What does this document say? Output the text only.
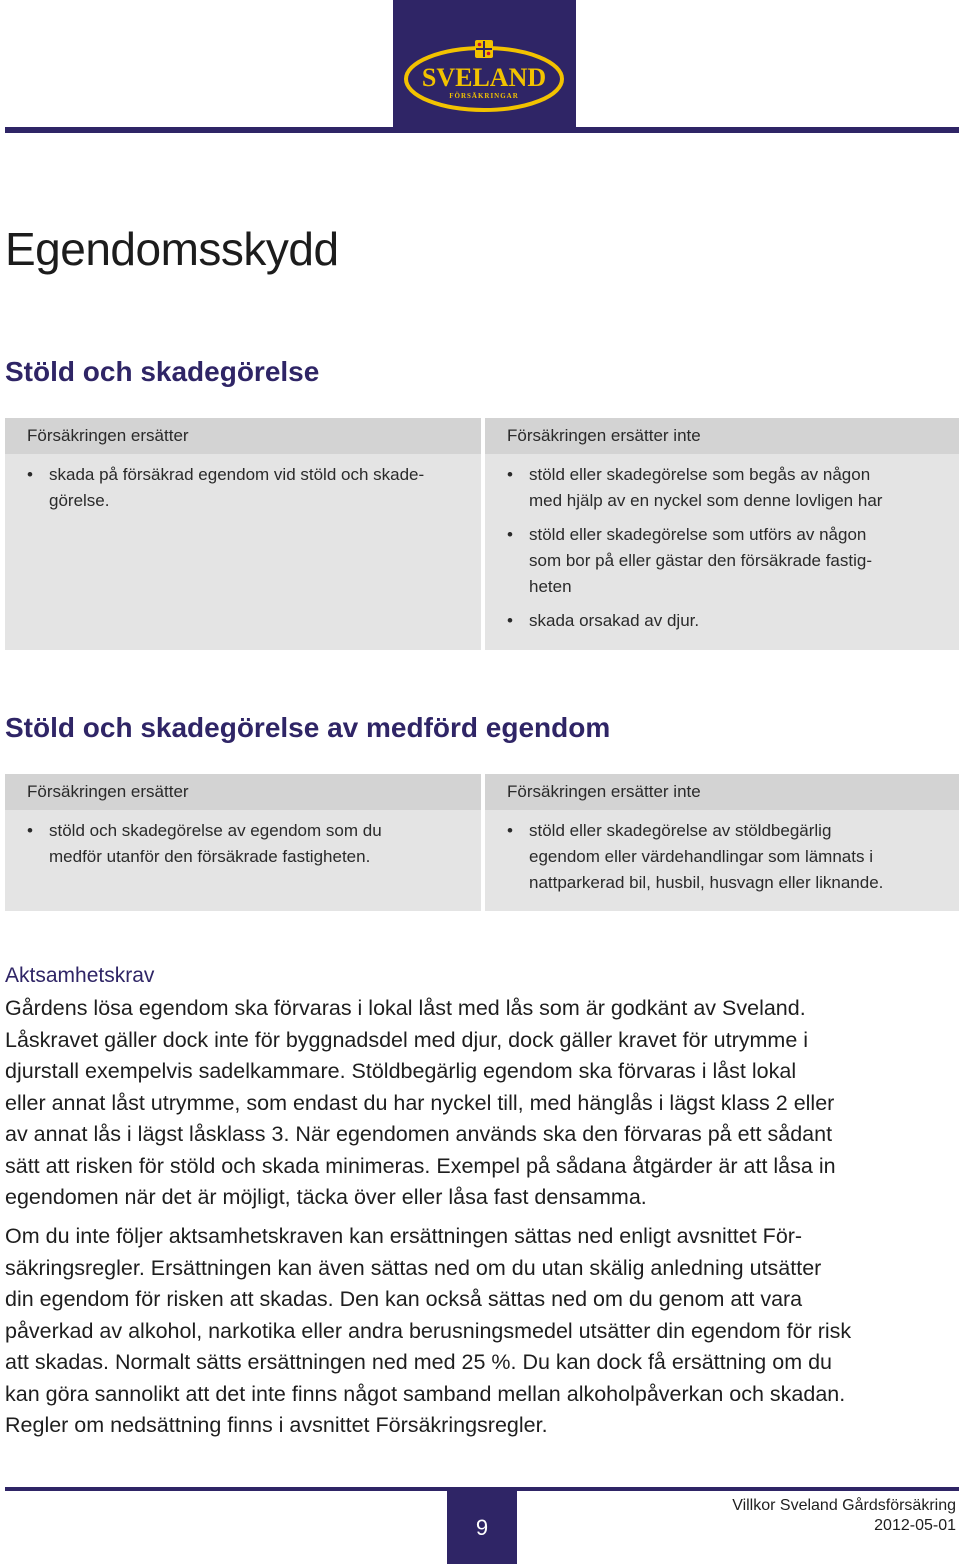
SVELAND
FÖRSÄKRINGAR
Egendomsskydd
Stöld och skadegörelse
Försäkringen ersätter
• skada på försäkrad egendom vid stöld och skade-
görelse.
Försäkringen ersätter inte
• stöld eller skadegörelse som begås av någon
med hjälp av en nyckel som denne lovligen har
• stöld eller skadegörelse som utförs av någon
som bor på eller gästar den försäkrade fastig-
heten
• skada orsakad av djur.
Stöld och skadegörelse av medförd egendom
Försäkringen ersätter
• stöld och skadegörelse av egendom som du
medför utanför den försäkrade fastigheten.
Försäkringen ersätter inte
• stöld eller skadegörelse av stöldbegärlig
egendom eller värdehandlingar som lämnats i
nattparkerad bil, husbil, husvagn eller liknande.
Aktsamhetskrav
Gårdens lösa egendom ska förvaras i lokal låst med lås som är godkänt av Sveland.
Låskravet gäller dock inte för byggnadsdel med djur, dock gäller kravet för utrymme i
djurstall exempelvis sadelkammare. Stöldbegärlig egendom ska förvaras i låst lokal
eller annat låst utrymme, som endast du har nyckel till, med hänglås i lägst klass 2 eller
av annat lås i lägst låsklass 3. När egendomen används ska den förvaras på ett sådant
sätt att risken för stöld och skada minimeras. Exempel på sådana åtgärder är att låsa in
egendomen när det är möjligt, täcka över eller låsa fast densamma.
Om du inte följer aktsamhetskraven kan ersättningen sättas ned enligt avsnittet För-
säkringsregler. Ersättningen kan även sättas ned om du utan skälig anledning utsätter
din egendom för risken att skadas. Den kan också sättas ned om du genom att vara
påverkad av alkohol, narkotika eller andra berusningsmedel utsätter din egendom för risk
att skadas. Normalt sätts ersättningen ned med 25 %. Du kan dock få ersättning om du
kan göra sannolikt att det inte finns något samband mellan alkoholpåverkan och skadan.
Regler om nedsättning finns i avsnittet Försäkringsregler.
9
Villkor Sveland Gårdsförsäkring
2012-05-01
